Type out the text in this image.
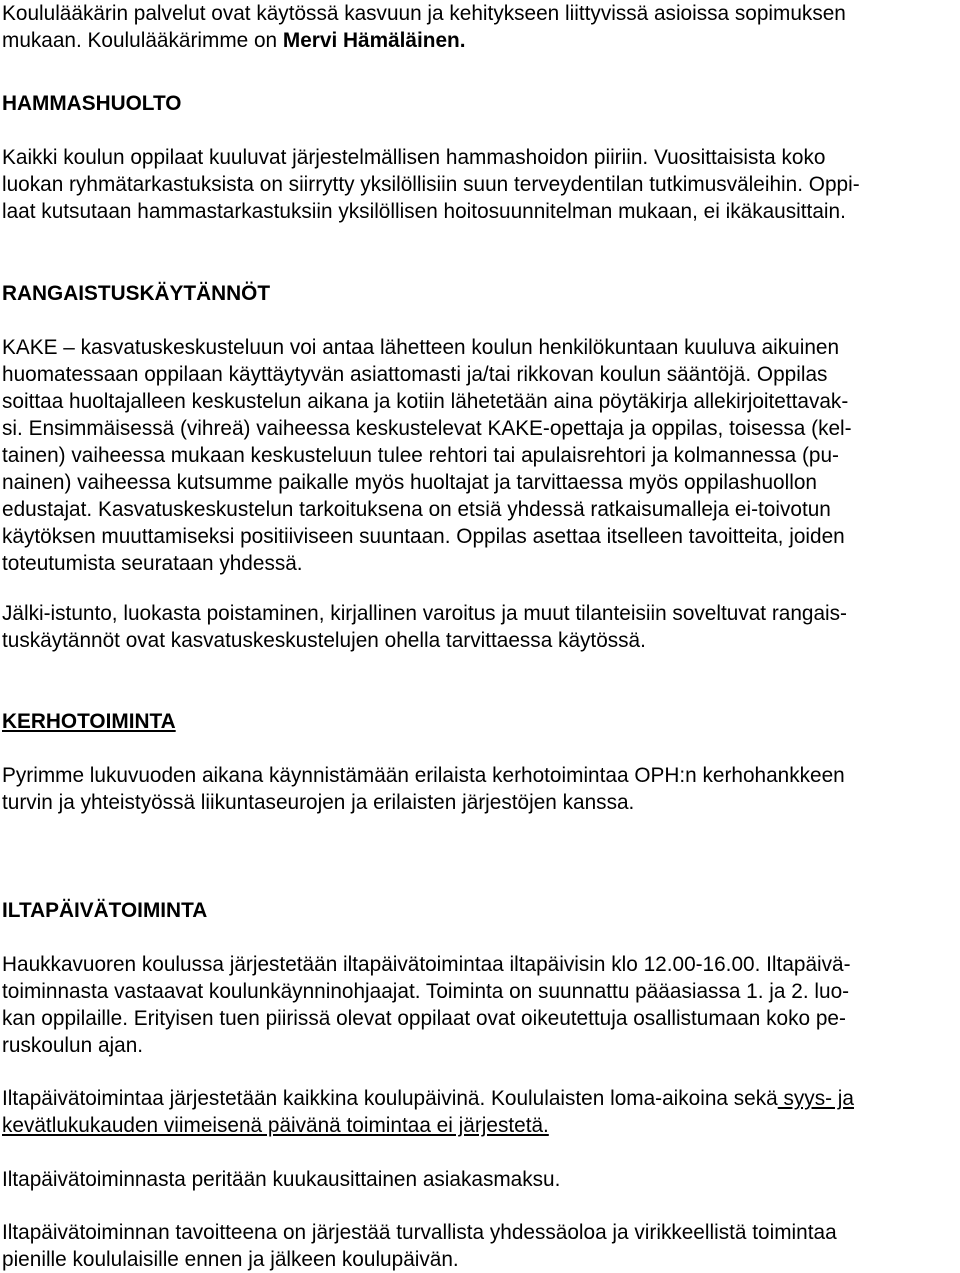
Koululääkärin palvelut ovat käytössä kasvuun ja kehitykseen liittyvissä asioissa sopimuksen
mukaan. Koululääkärimme on Mervi Hämäläinen.
HAMMASHUOLTO
Kaikki koulun oppilaat kuuluvat järjestelmällisen hammashoidon piiriin. Vuosittaisista koko
luokan ryhmätarkastuksista on siirrytty yksilöllisiin suun terveydentilan tutkimusväleihin. Oppi-
laat kutsutaan hammastarkastuksiin yksilöllisen hoitosuunnitelman mukaan, ei ikäkausittain.
RANGAISTUSKÄYTÄNNÖT
KAKE – kasvatuskeskusteluun voi antaa lähetteen koulun henkilökuntaan kuuluva aikuinen
huomatessaan oppilaan käyttäytyvän asiattomasti ja/tai rikkovan koulun sääntöjä. Oppilas
soittaa huoltajalleen keskustelun aikana ja kotiin lähetetään aina pöytäkirja allekirjoitettavak-
si. Ensimmäisessä (vihreä) vaiheessa keskustelevat KAKE-opettaja ja oppilas, toisessa (kel-
tainen) vaiheessa mukaan keskusteluun tulee rehtori tai apulaisrehtori ja kolmannessa (pu-
nainen) vaiheessa kutsumme paikalle myös huoltajat ja tarvittaessa myös oppilashuollon
edustajat. Kasvatuskeskustelun tarkoituksena on etsiä yhdessä ratkaisumalleja ei-toivotun
käytöksen muuttamiseksi positiiviseen suuntaan. Oppilas asettaa itselleen tavoitteita, joiden
toteutumista seurataan yhdessä.
Jälki-istunto, luokasta poistaminen, kirjallinen varoitus ja muut tilanteisiin soveltuvat rangais-
tuskäytännöt ovat kasvatuskeskustelujen ohella tarvittaessa käytössä.
KERHOTOIMINTA
Pyrimme lukuvuoden aikana käynnistämään erilaista kerhotoimintaa OPH:n kerhohankkeen
turvin ja yhteistyössä liikuntaseurojen ja erilaisten järjestöjen kanssa.
ILTAPÄIVÄTOIMINTA
Haukkavuoren koulussa järjestetään iltapäivätoimintaa iltapäivisin klo 12.00-16.00. Iltapäivä-
toiminnasta vastaavat koulunkäynninohjaajat. Toiminta on suunnattu pääasiassa 1. ja 2. luo-
kan oppilaille. Erityisen tuen piirissä olevat oppilaat ovat oikeutettuja osallistumaan koko pe-
ruskoulun ajan.
Iltapäivätoimintaa järjestetään kaikkina koulupäivinä. Koululaisten loma-aikoina sekä syys- ja
kevätlukukauden viimeisenä päivänä toimintaa ei järjestetä.
Iltapäivätoiminnasta peritään kuukausittainen asiakasmaksu.
Iltapäivätoiminnan tavoitteena on järjestää turvallista yhdessäoloa ja virikkeellistä toimintaa
pienille koululaisille ennen ja jälkeen koulupäivän.
